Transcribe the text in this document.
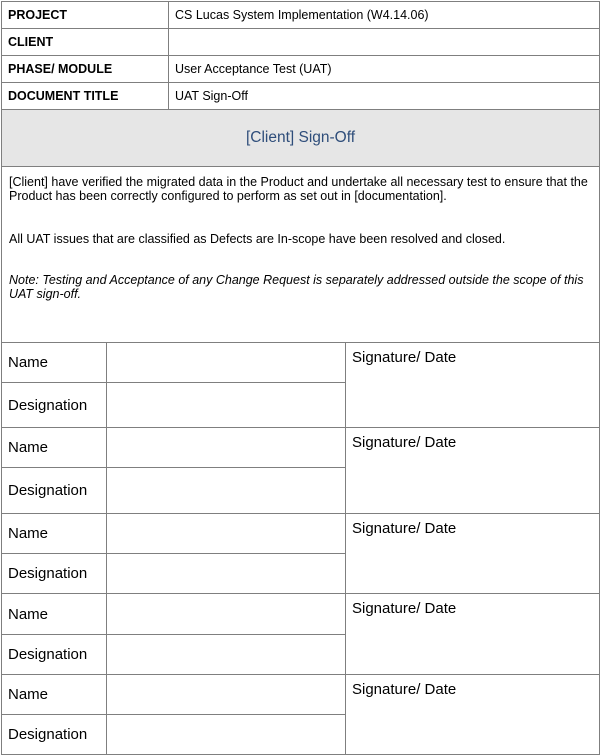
PROJECT	CS Lucas System Implementation (W4.14.06)
CLIENT	
PHASE/ MODULE	User Acceptance Test (UAT)
DOCUMENT TITLE	UAT Sign-Off
[Client] Sign-Off

[Client] have verified the migrated data in the Product and undertake all necessary test to ensure that the Product has been correctly configured to perform as set out in [documentation].

All UAT issues that are classified as Defects are In-scope have been resolved and closed.

Note: Testing and Acceptance of any Change Request is separately addressed outside the scope of this UAT sign-off.

Name		Signature/ Date
Designation		
Name		Signature/ Date
Designation		
Name		Signature/ Date
Designation		
Name		Signature/ Date
Designation		
Name		Signature/ Date
Designation		
